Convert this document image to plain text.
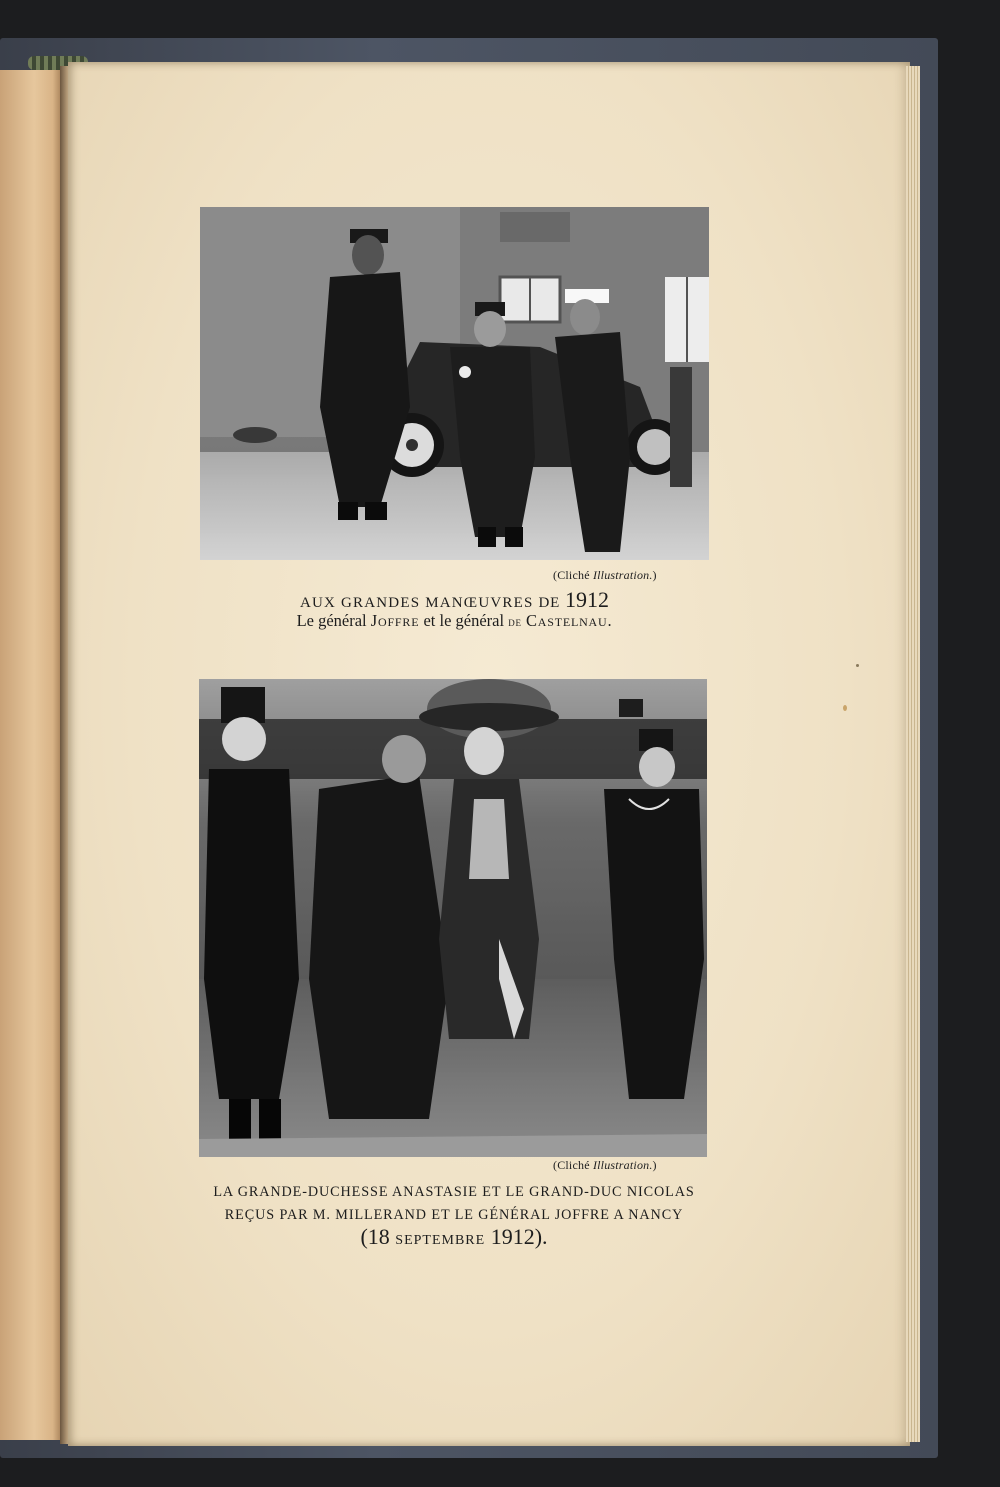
(Cliché Illustration.)
AUX GRANDES MANŒUVRES DE 1912
Le général Joffre et le général de Castelnau.
(Cliché Illustration.)
LA GRANDE-DUCHESSE ANASTASIE ET LE GRAND-DUC NICOLAS
REÇUS PAR M. MILLERAND ET LE GÉNÉRAL JOFFRE A NANCY
(18 SEPTEMBRE 1912).
